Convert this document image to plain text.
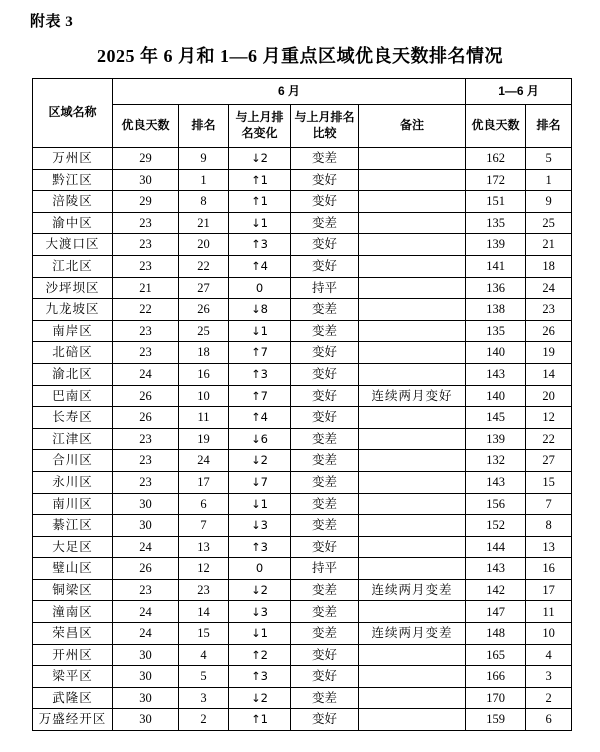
附表 3
2025 年 6 月和 1—6 月重点区域优良天数排名情况
区域名称	6 月					1—6 月	
	优良天数	排名	与上月排名变化	与上月排名比较	备注	优良天数	排名
万州区	29	9	↓2	变差		162	5
黔江区	30	1	↑1	变好		172	1
涪陵区	29	8	↑1	变好		151	9
渝中区	23	21	↓1	变差		135	25
大渡口区	23	20	↑3	变好		139	21
江北区	23	22	↑4	变好		141	18
沙坪坝区	21	27	0	持平		136	24
九龙坡区	22	26	↓8	变差		138	23
南岸区	23	25	↓1	变差		135	26
北碚区	23	18	↑7	变好		140	19
渝北区	24	16	↑3	变好		143	14
巴南区	26	10	↑7	变好	连续两月变好	140	20
长寿区	26	11	↑4	变好		145	12
江津区	23	19	↓6	变差		139	22
合川区	23	24	↓2	变差		132	27
永川区	23	17	↓7	变差		143	15
南川区	30	6	↓1	变差		156	7
綦江区	30	7	↓3	变差		152	8
大足区	24	13	↑3	变好		144	13
璧山区	26	12	0	持平		143	16
铜梁区	23	23	↓2	变差	连续两月变差	142	17
潼南区	24	14	↓3	变差		147	11
荣昌区	24	15	↓1	变差	连续两月变差	148	10
开州区	30	4	↑2	变好		165	4
梁平区	30	5	↑3	变好		166	3
武隆区	30	3	↓2	变差		170	2
万盛经开区	30	2	↑1	变好		159	6
